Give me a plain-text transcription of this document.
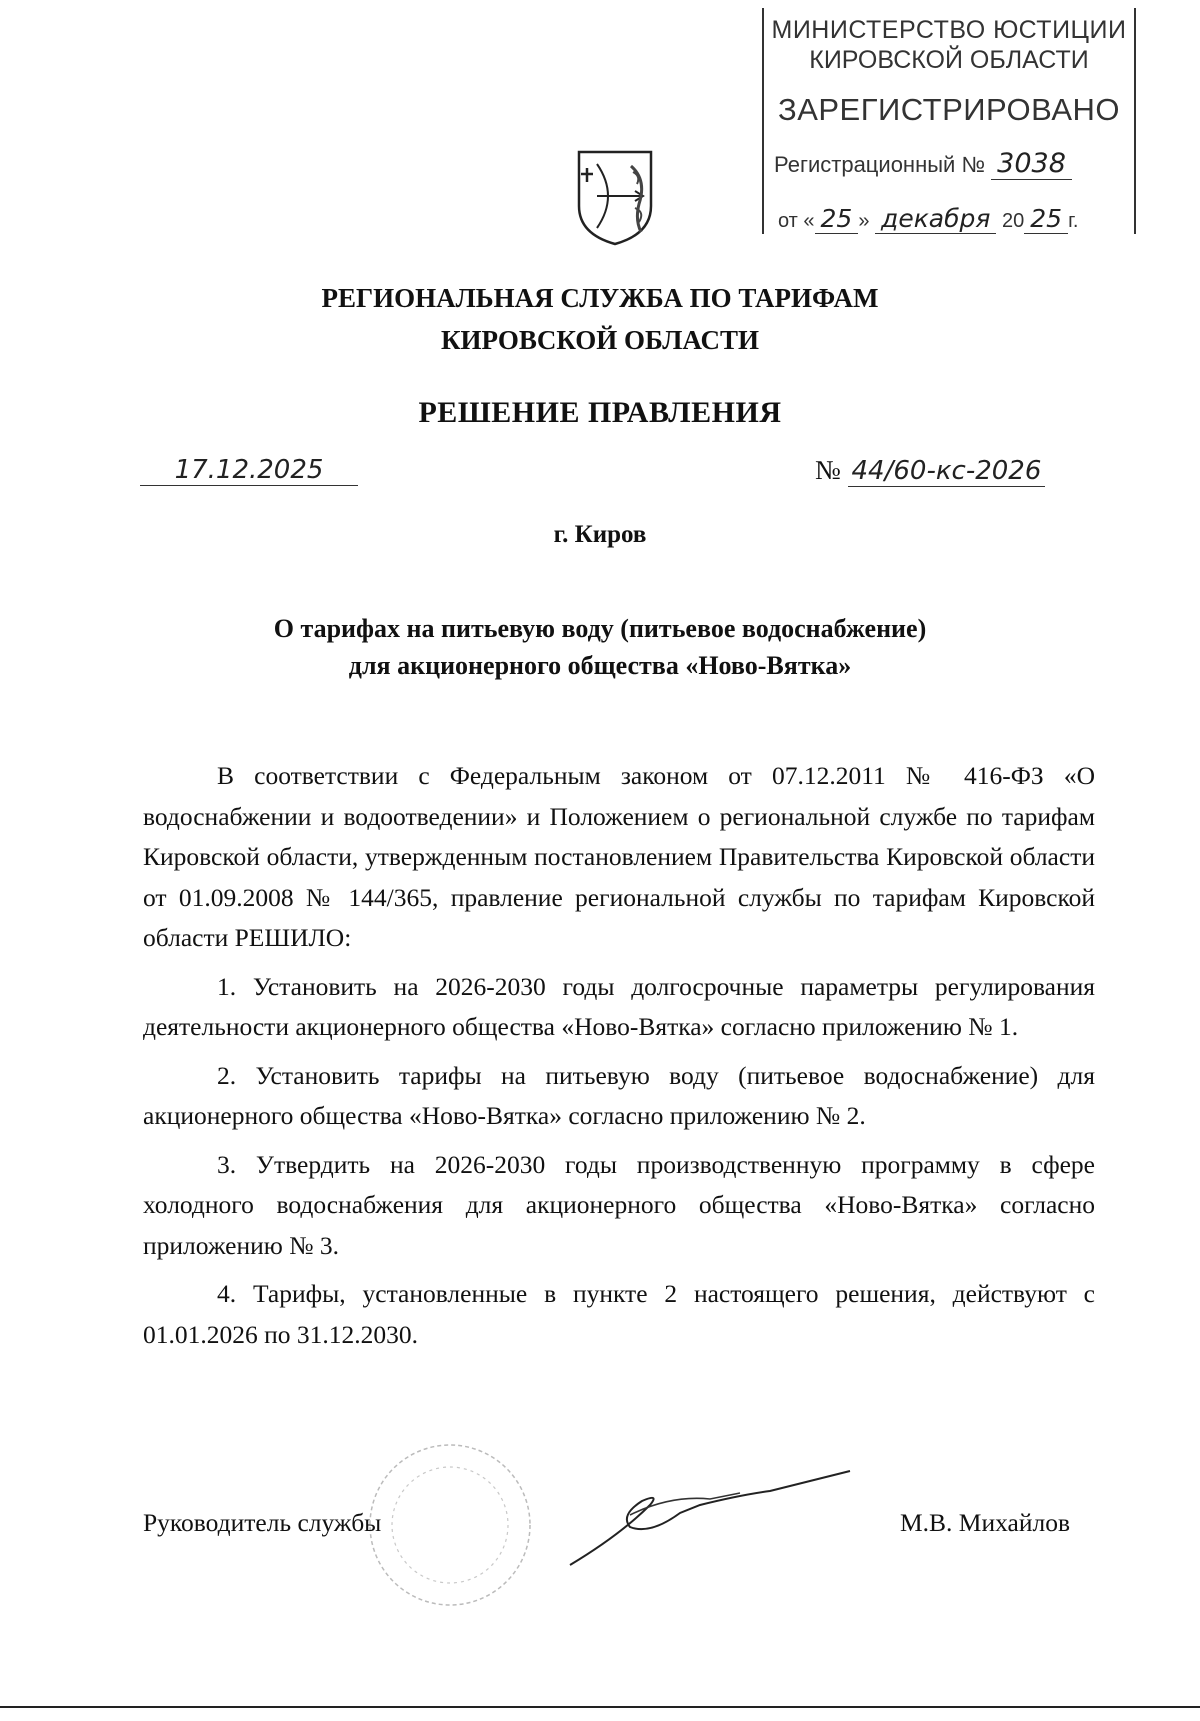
МИНИСТЕРСТВО ЮСТИЦИИ
КИРОВСКОЙ ОБЛАСТИ
ЗАРЕГИСТРИРОВАНО
Регистрационный № 3038
от « 25 » декабря 20 25 г.
РЕГИОНАЛЬНАЯ СЛУЖБА ПО ТАРИФАМ
КИРОВСКОЙ ОБЛАСТИ
РЕШЕНИЕ ПРАВЛЕНИЯ
17.12.2025	№ 44/60-кс-2026
г. Киров
О тарифах на питьевую воду (питьевое водоснабжение)
для акционерного общества «Ново-Вятка»

В соответствии с Федеральным законом от 07.12.2011 № 416-ФЗ «О водоснабжении и водоотведении» и Положением о региональной службе по тарифам Кировской области, утвержденным постановлением Правительства Кировской области от 01.09.2008 № 144/365, правление региональной службы по тарифам Кировской области РЕШИЛО:

1. Установить на 2026-2030 годы долгосрочные параметры регулирования деятельности акционерного общества «Ново-Вятка» согласно приложению № 1.

2. Установить тарифы на питьевую воду (питьевое водоснабжение) для акционерного общества «Ново-Вятка» согласно приложению № 2.

3. Утвердить на 2026-2030 годы производственную программу в сфере холодного водоснабжения для акционерного общества «Ново-Вятка» согласно приложению № 3.

4. Тарифы, установленные в пункте 2 настоящего решения, действуют с 01.01.2026 по 31.12.2030.

Руководитель службы	М.В. Михайлов
